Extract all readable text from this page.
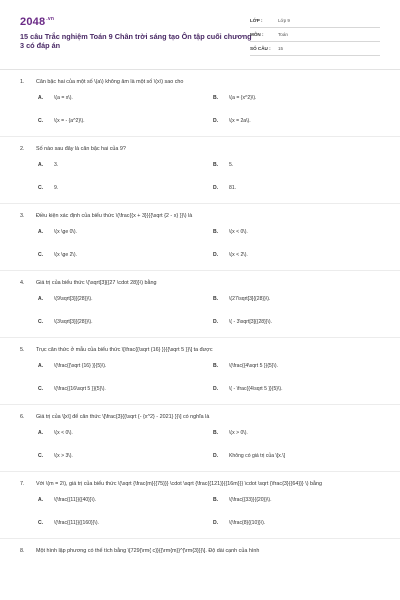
$2048^{.vn}$
15 câu Trắc nghiệm Toán 9 Chân trời sáng tạo Ôn tập cuối chương 3 có đáp án
LỚP :	Lớp 9
MÔN :	Toán
SỐ CÂU : 15
1. Căn bậc hai của một số \(a\) không âm là một số \(x\) sao cho
A. \(a = x\).	B. \(a = {x^2}\).
C. \(x = - {a^2}\).	D. \(x = 2a\).
2. Số nào sau đây là căn bậc hai của 9?
A. 3.	B. 5.
C. 9.	D. 81.
3. Điều kiện xác định của biểu thức \(\frac{{x + 3}}{{\sqrt {2 - x} }}\) là
A. \(x \ge 0\).	B. \(x < 0\).
C. \(x \ge 2\).	D. \(x < 2\).
4. Giá trị của biểu thức \(\sqrt[3]{{27 \cdot 28}}\) bằng
A. \(9\sqrt[3]{{28}}\).	B. \(27\sqrt[3]{{28}}\).
C. \(3\sqrt[3]{{28}}\).	D. \( - 3\sqrt[3]{{28}}\).
5. Trục căn thức ở mẫu của biểu thức \[\frac{{\sqrt {16} }}{{\sqrt 5 }}\] ta được
A. \(\frac{{\sqrt {16} }}{5}\).	B. \(\frac{{4\sqrt 5 }}{5}\).
C. \(\frac{{16\sqrt 5 }}{5}\).	D. \( - \frac{{4\sqrt 5 }}{5}\).
6. Giá trị của \[x\] để căn thức \[\frac{3}{{\sqrt {- {x^2} - 2021} }}\] có nghĩa là
A. \(x < 0\).	B. \(x > 0\).
C. \(x > 3\).	D. Không có giá trị của \[x.\]
7. Với \(m = 2\), giá trị của biểu thức \(\sqrt {\frac{m}{{75}}} \cdot \sqrt {\frac{{121}}{{16m}}} \cdot \sqrt {\frac{3}{{64}}} \) bằng
A. \(\frac{{11}}{{40}}\).	B. \(\frac{{33}}{{20}}\).
C. \(\frac{{11}}{{160}}\).	D. \(\frac{8}{{10}}\).
8. Một hình lập phương có thể tích bằng \[729{\rm{ c}}{{\rm{m}}^{\rm{3}}}\]. Độ dài cạnh của hình
